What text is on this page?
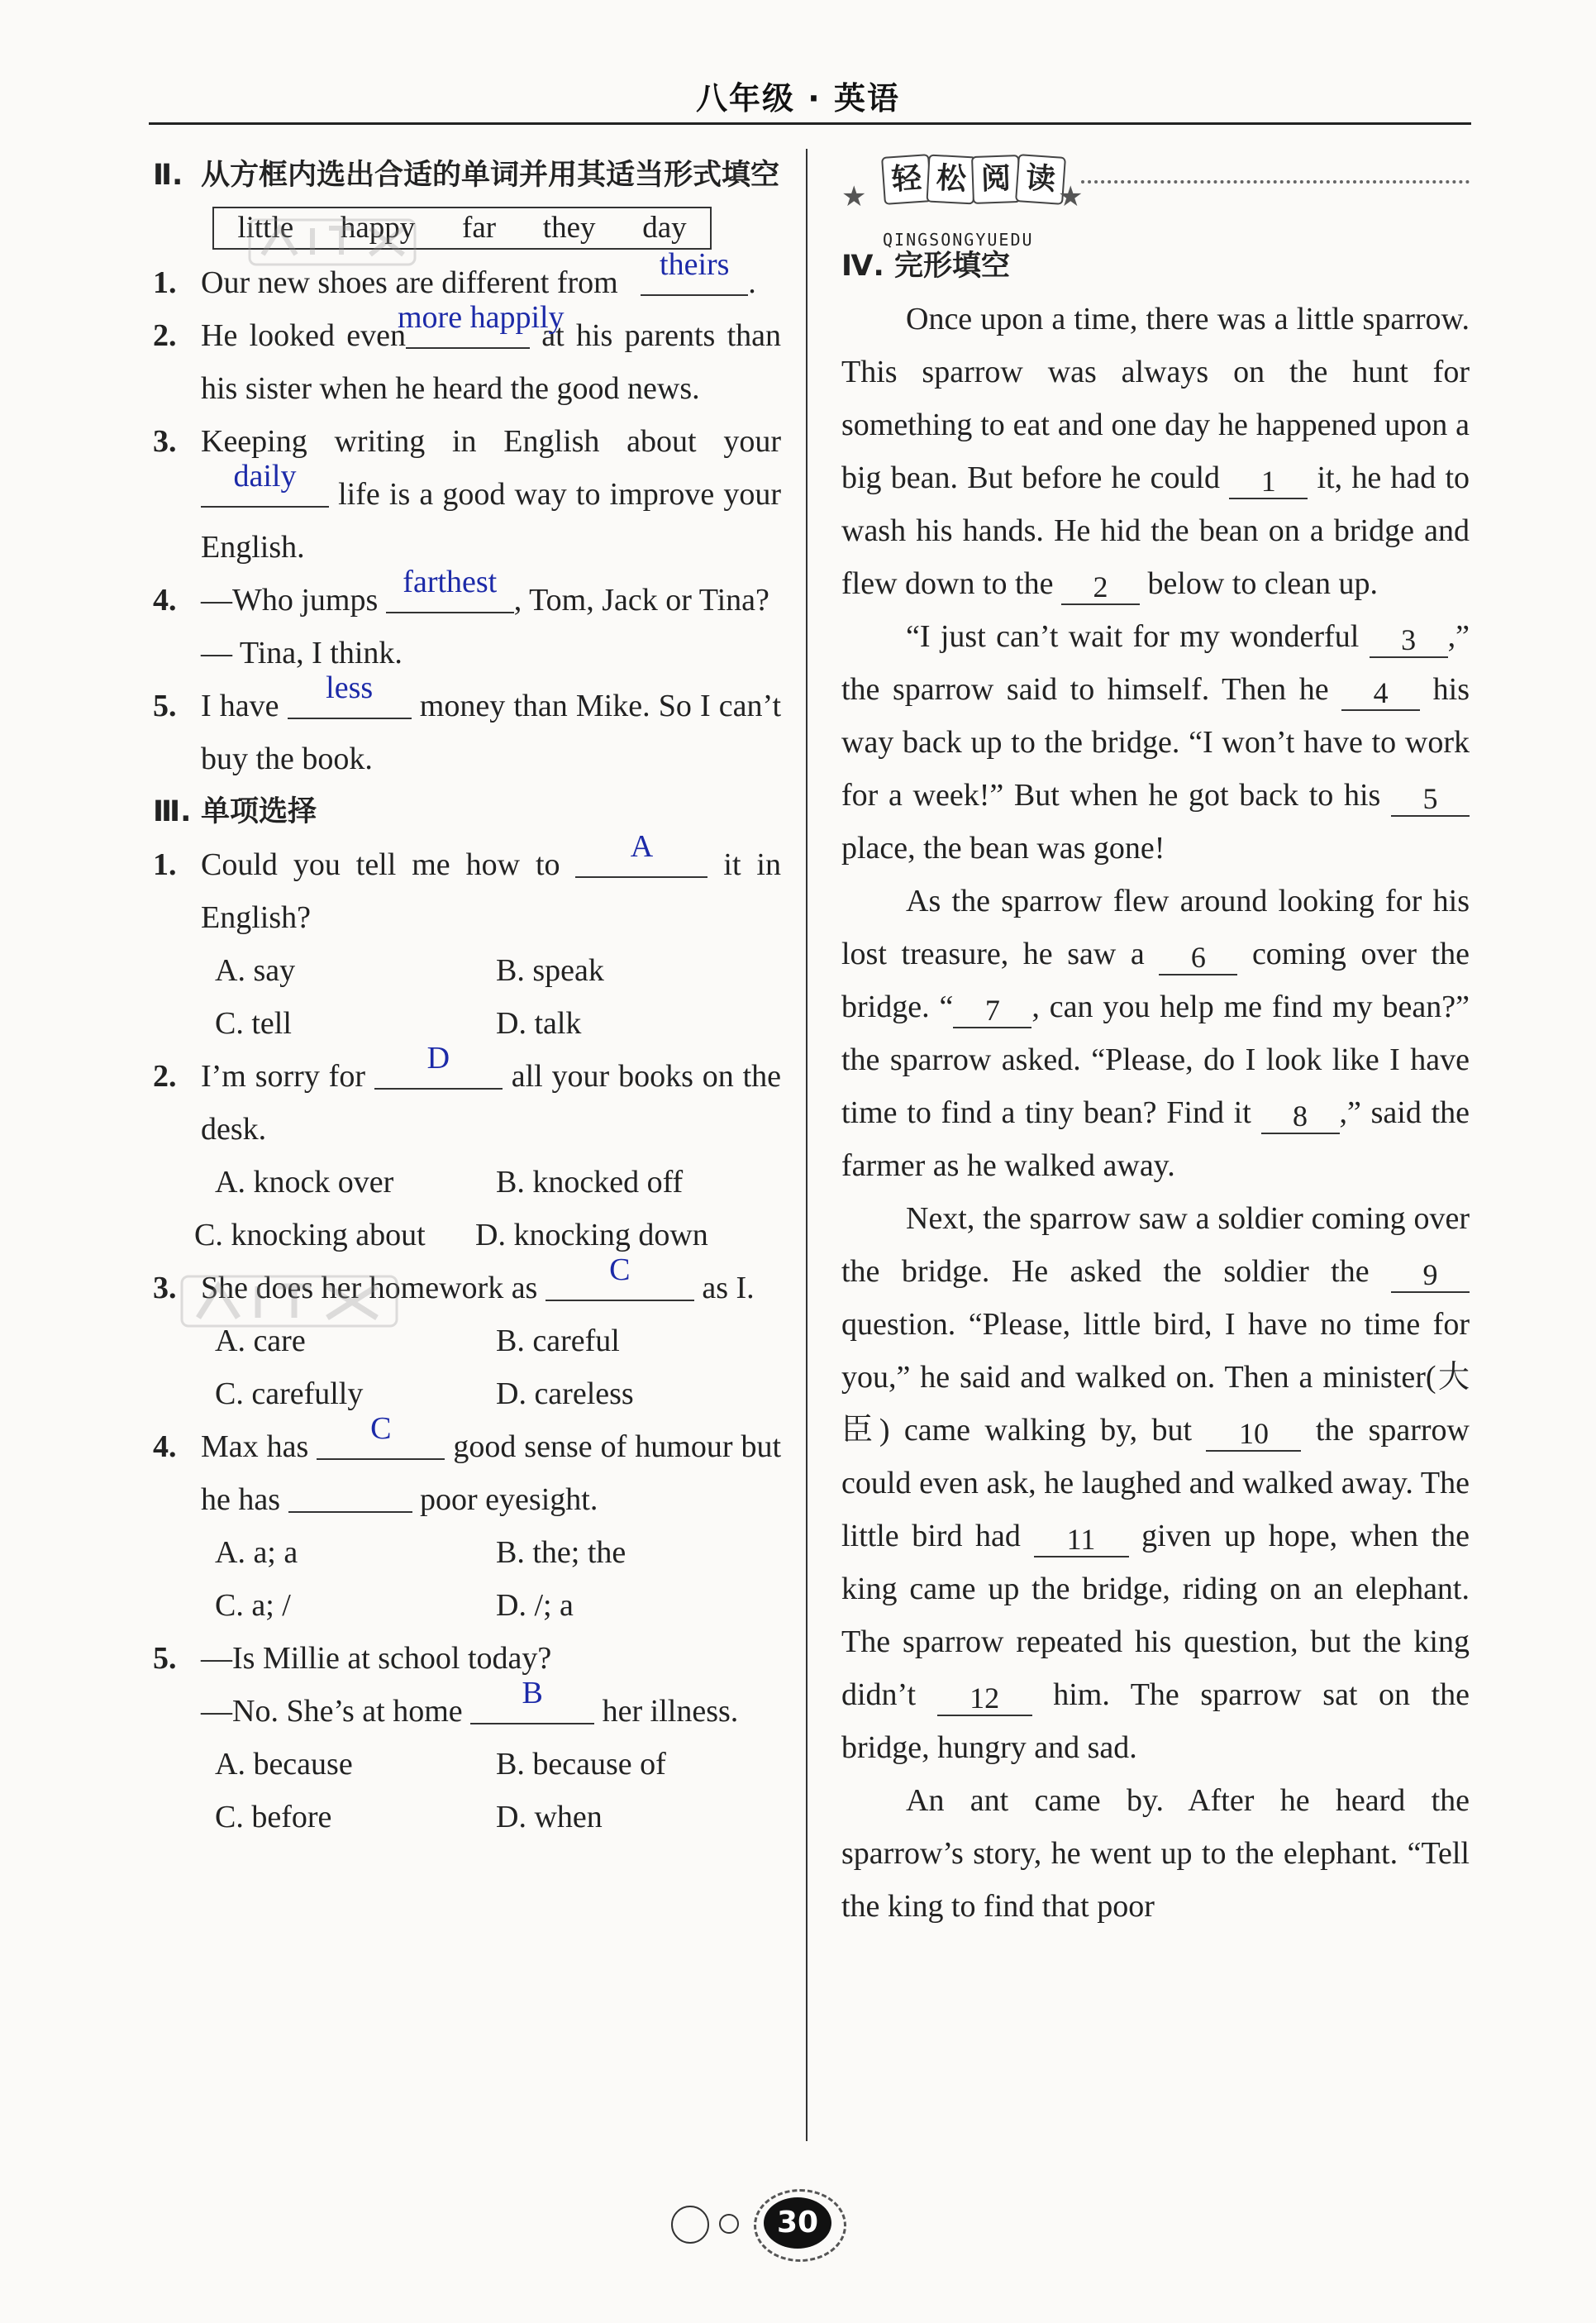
八年级 · 英语
Ⅱ. 从方框内选出合适的单词并用其适当形式填空
little happy far they day

1. Our new shoes are different from
theirs
.

2. He looked even
more happily
at his parents than his sister when he heard the good news.

3. Keeping writing in English about your
daily
life is a good way to improve your English.

4. —Who jumps
farthest
, Tom, Jack or Tina?
— Tina, I think.

5. I have
less
money than Mike. So I can’t buy the book.

Ⅲ. 单项选择

1. Could you tell me how to
A
it in English?

A. say	B. speak
C. tell	D. talk

2. I’m sorry for
D
all your books on the desk.

A. knock over	B. knocked off
C. knocking about	D. knocking down

3. She does her homework as
C
as I.

A. care	B. careful
C. carefully	D. careless

4. Max has
C
good sense of humour but he has	poor eyesight.

A. a; a	B. the; the
C. a; /	D. /; a

5. —Is Millie at school today?
—No. She’s at home
B
her illness.

A. because	B. because of
C. before	D. when
★ 轻 松 阅 读 ★
QINGSONGYUEDU
Ⅳ. 完形填空

Once upon a time, there was a little sparrow. This sparrow was always on the hunt for something to eat and one day he happened upon a big bean. But before he could 1 it, he had to wash his hands. He hid the bean on a bridge and flew down to the 2 below to clean up.

“I just can’t wait for my wonderful 3 ,” the sparrow said to himself. Then he 4 his way back up to the bridge. “I won’t have to work for a week!” But when he got back to his 5 place, the bean was gone!

As the sparrow flew around looking for his lost treasure, he saw a 6 coming over the bridge. “ 7 , can you help me find my bean?” the sparrow asked. “Please, do I look like I have time to find a tiny bean? Find it 8 ,” said the farmer as he walked away.

Next, the sparrow saw a soldier coming over the bridge. He asked the soldier the 9 question. “Please, little bird, I have no time for you,” he said and walked on. Then a minister(大臣) came walking by, but 10 the sparrow could even ask, he laughed and walked away. The little bird had 11 given up hope, when the king came up the bridge, riding on an elephant. The sparrow repeated his question, but the king didn’t 12 him. The sparrow sat on the bridge, hungry and sad.

An ant came by. After he heard the sparrow’s story, he went up to the elephant. “Tell the king to find that poor

30
